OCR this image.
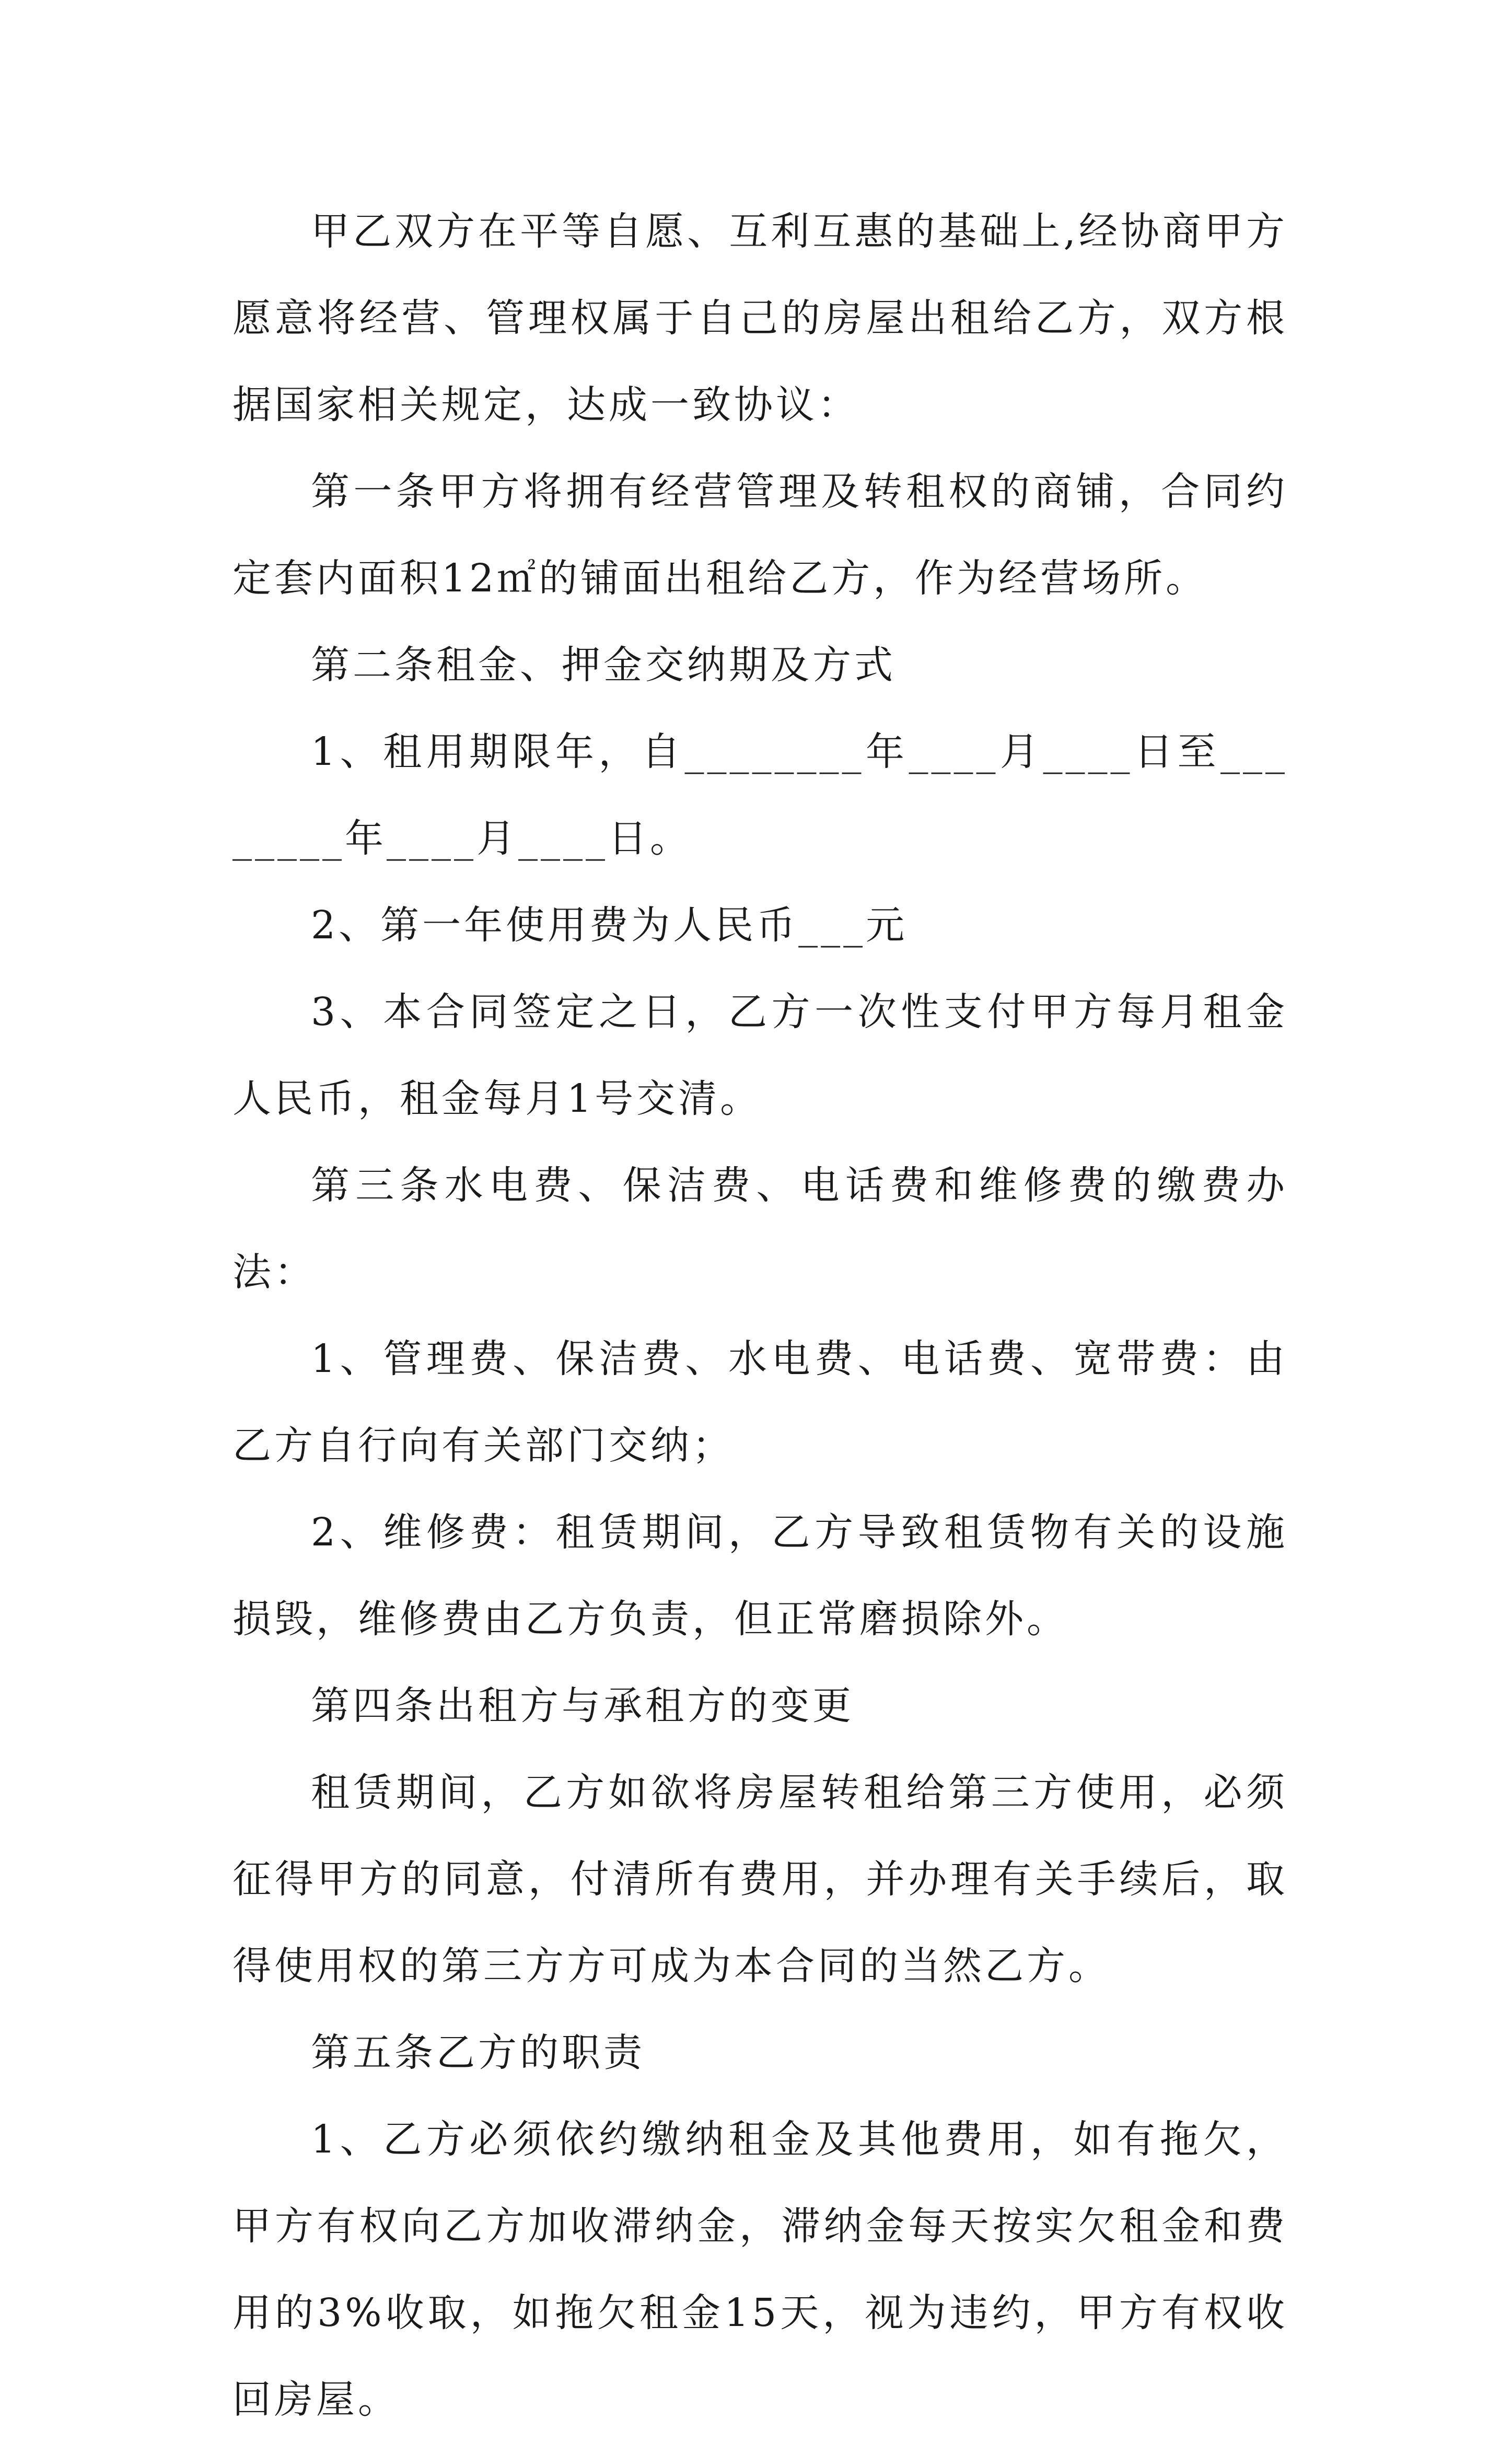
甲乙双方在平等自愿、互利互惠的基础上,经协商甲方愿意将经营、管理权属于自己的房屋出租给乙方，双方根据国家相关规定，达成一致协议：

第一条甲方将拥有经营管理及转租权的商铺，合同约定套内面积12㎡的铺面出租给乙方，作为经营场所。

第二条租金、押金交纳期及方式

1、租用期限年，自________年____月____日至________年____月____日。

2、第一年使用费为人民币___元

3、本合同签定之日，乙方一次性支付甲方每月租金人民币，租金每月1号交清。

第三条水电费、保洁费、电话费和维修费的缴费办法：

1、管理费、保洁费、水电费、电话费、宽带费：由乙方自行向有关部门交纳；

2、维修费：租赁期间，乙方导致租赁物有关的设施损毁，维修费由乙方负责，但正常磨损除外。

第四条出租方与承租方的变更

租赁期间，乙方如欲将房屋转租给第三方使用，必须征得甲方的同意，付清所有费用，并办理有关手续后，取得使用权的第三方方可成为本合同的当然乙方。

第五条乙方的职责

1、乙方必须依约缴纳租金及其他费用，如有拖欠，甲方有权向乙方加收滞纳金，滞纳金每天按实欠租金和费用的3%收取，如拖欠租金15天，视为违约，甲方有权收回房屋。
